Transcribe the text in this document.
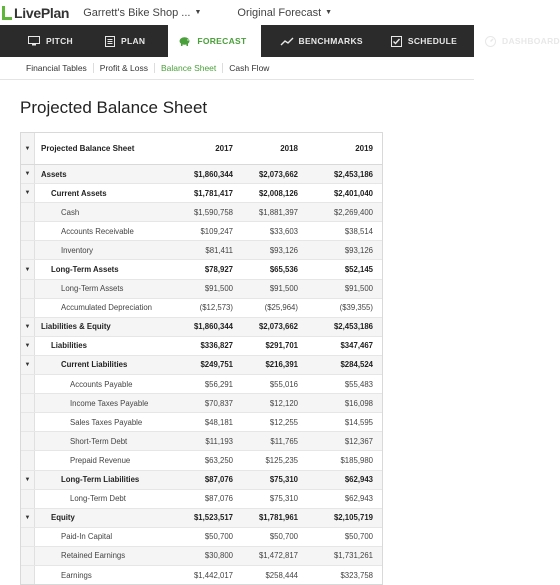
LivePlan Garrett's Bike Shop ... ▼	Original Forecast ▼
PITCH	PLAN	FORECAST	BENCHMARKS	SCHEDULE	DASHBOARD
Financial Tables	Profit & Loss	Balance Sheet	Cash Flow
Projected Balance Sheet
▼	Projected Balance Sheet	2017	2018	2019
▼	Assets	$1,860,344	$2,073,662	$2,453,186
▼	Current Assets	$1,781,417	$2,008,126	$2,401,040
Cash	$1,590,758	$1,881,397	$2,269,400
Accounts Receivable	$109,247	$33,603	$38,514
Inventory	$81,411	$93,126	$93,126
▼	Long-Term Assets	$78,927	$65,536	$52,145
Long-Term Assets	$91,500	$91,500	$91,500
Accumulated Depreciation	($12,573)	($25,964)	($39,355)
▼	Liabilities & Equity	$1,860,344	$2,073,662	$2,453,186
▼	Liabilities	$336,827	$291,701	$347,467
▼	Current Liabilities	$249,751	$216,391	$284,524
Accounts Payable	$56,291	$55,016	$55,483
Income Taxes Payable	$70,837	$12,120	$16,098
Sales Taxes Payable	$48,181	$12,255	$14,595
Short-Term Debt	$11,193	$11,765	$12,367
Prepaid Revenue	$63,250	$125,235	$185,980
▼	Long-Term Liabilities	$87,076	$75,310	$62,943
Long-Term Debt	$87,076	$75,310	$62,943
▼	Equity	$1,523,517	$1,781,961	$2,105,719
Paid-In Capital	$50,700	$50,700	$50,700
Retained Earnings	$30,800	$1,472,817	$1,731,261
Earnings	$1,442,017	$258,444	$323,758
